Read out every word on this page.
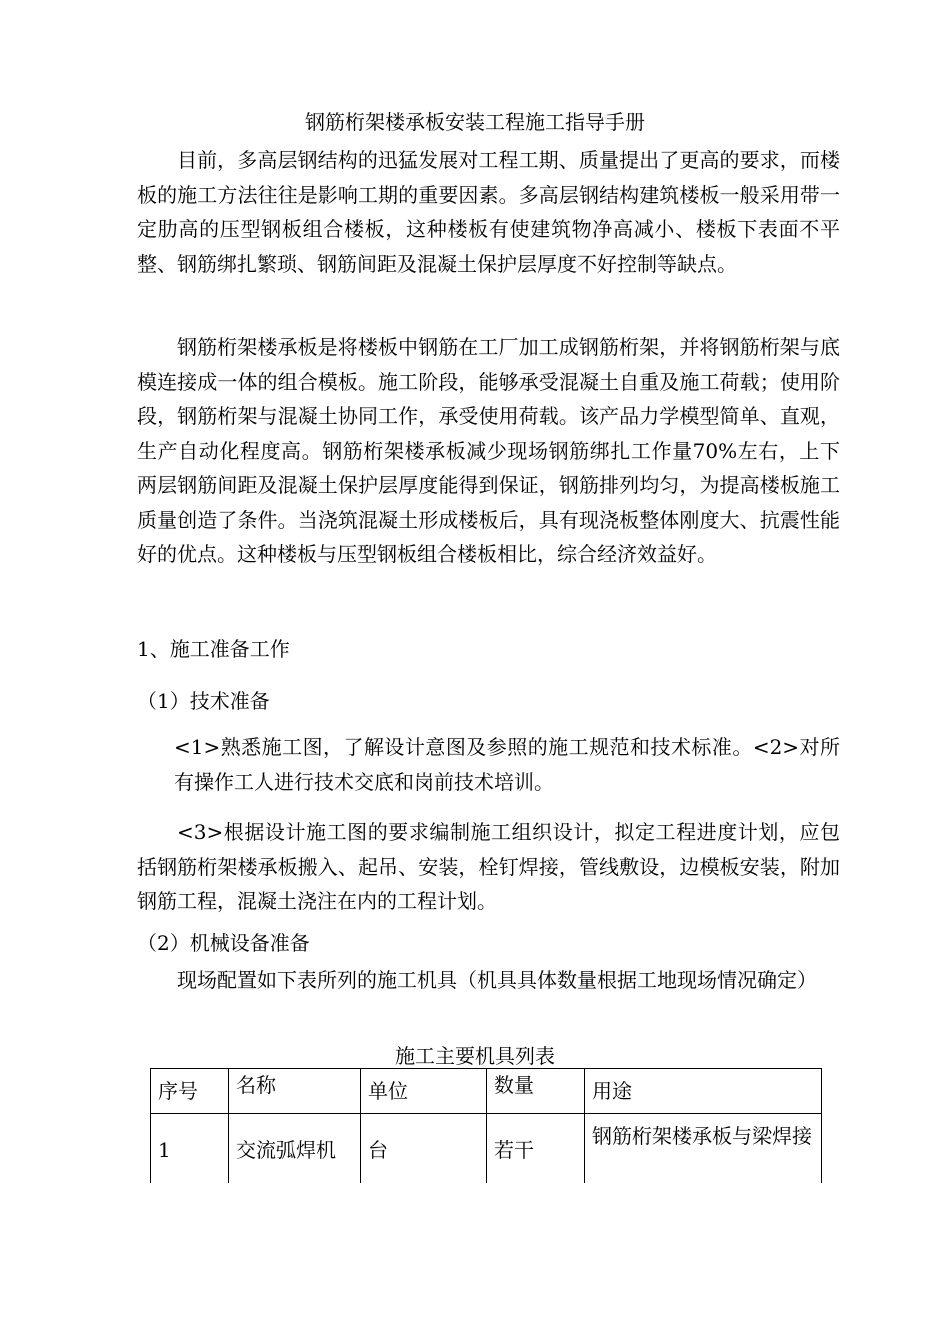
钢筋桁架楼承板安装工程施工指导手册

目前，多高层钢结构的迅猛发展对工程工期、质量提出了更高的要求，而楼板的施工方法往往是影响工期的重要因素。多高层钢结构建筑楼板一般采用带一定肋高的压型钢板组合楼板，这种楼板有使建筑物净高减小、楼板下表面不平整、钢筋绑扎繁琐、钢筋间距及混凝土保护层厚度不好控制等缺点。

钢筋桁架楼承板是将楼板中钢筋在工厂加工成钢筋桁架，并将钢筋桁架与底模连接成一体的组合模板。施工阶段，能够承受混凝土自重及施工荷载；使用阶段，钢筋桁架与混凝土协同工作，承受使用荷载。该产品力学模型简单、直观，生产自动化程度高。钢筋桁架楼承板减少现场钢筋绑扎工作量70%左右，上下两层钢筋间距及混凝土保护层厚度能得到保证，钢筋排列均匀，为提高楼板施工质量创造了条件。当浇筑混凝土形成楼板后，具有现浇板整体刚度大、抗震性能好的优点。这种楼板与压型钢板组合楼板相比，综合经济效益好。

1、施工准备工作

（1）技术准备

<1>熟悉施工图，了解设计意图及参照的施工规范和技术标准。<2>对所有操作工人进行技术交底和岗前技术培训。

<3>根据设计施工图的要求编制施工组织设计，拟定工程进度计划，应包括钢筋桁架楼承板搬入、起吊、安装，栓钉焊接，管线敷设，边模板安装，附加钢筋工程，混凝土浇注在内的工程计划。

（2）机械设备准备

现场配置如下表所列的施工机具（机具具体数量根据工地现场情况确定）

施工主要机具列表
序号	名称	单位	数量	用途
1	交流弧焊机	台	若干	钢筋桁架楼承板与梁焊接
